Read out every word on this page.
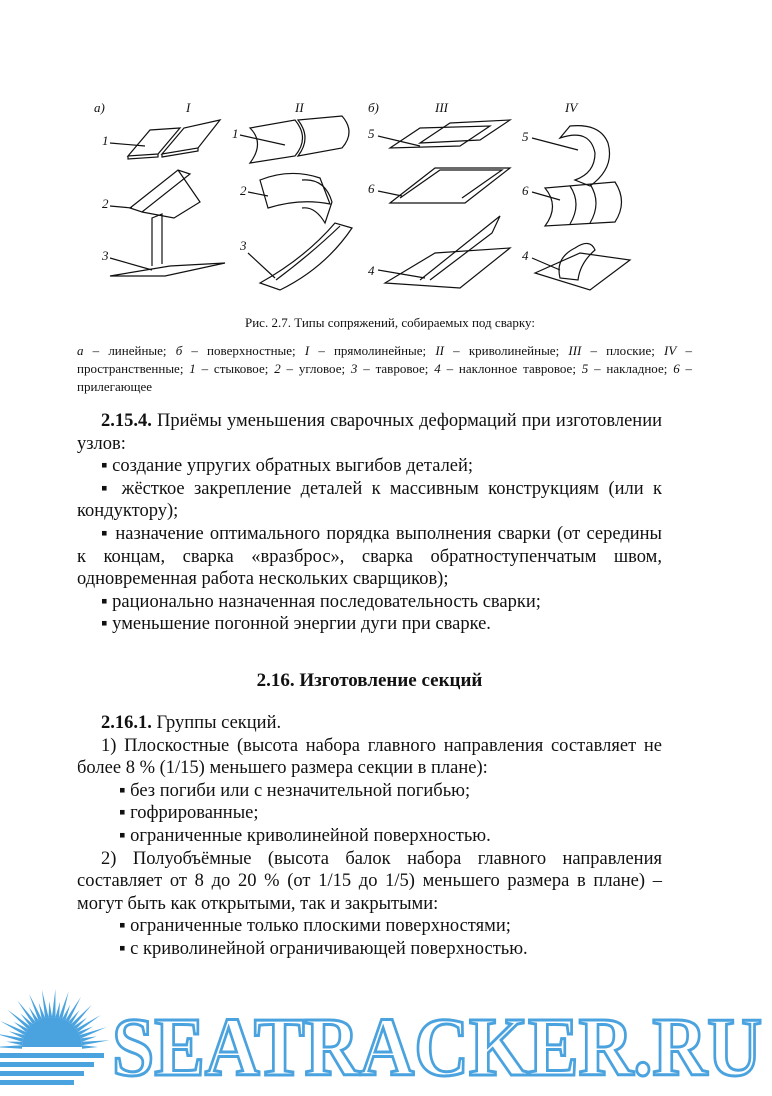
а)	I	II	б)	III	IV
1	1
2
2
3
3
5	5
6	6
4
4
Рис. 2.7. Типы сопряжений, собираемых под сварку:
а – линейные; б – поверхностные; I – прямолинейные; II – криволинейные; III – плоские; IV – пространственные; 1 – стыковое; 2 – угловое; 3 – тавровое; 4 – наклонное тавровое; 5 – накладное; 6 – прилегающее

2.15.4. Приёмы уменьшения сварочных деформаций при изготовлении узлов:

▪ создание упругих обратных выгибов деталей;

▪ жёсткое закрепление деталей к массивным конструкциям (или к кондуктору);

▪ назначение оптимального порядка выполнения сварки (от середины к концам, сварка «вразброс», сварка обратноступенчатым швом, одновременная работа нескольких сварщиков);

▪ рационально назначенная последовательность сварки;

▪ уменьшение погонной энергии дуги при сварке.

2.16. Изготовление секций

2.16.1. Группы секций.

1) Плоскостные (высота набора главного направления составляет не более 8 % (1/15) меньшего размера секции в плане):

▪ без погиби или с незначительной погибью;

▪ гофрированные;

▪ ограниченные криволинейной поверхностью.

2) Полуобъёмные (высота балок набора главного направления составляет от 8 до 20 % (от 1/15 до 1/5) меньшего размера в плане) – могут быть как открытыми, так и закрытыми:

▪ ограниченные только плоскими поверхностями;

▪ с криволинейной ограничивающей поверхностью.

SEATRACKER.RU
